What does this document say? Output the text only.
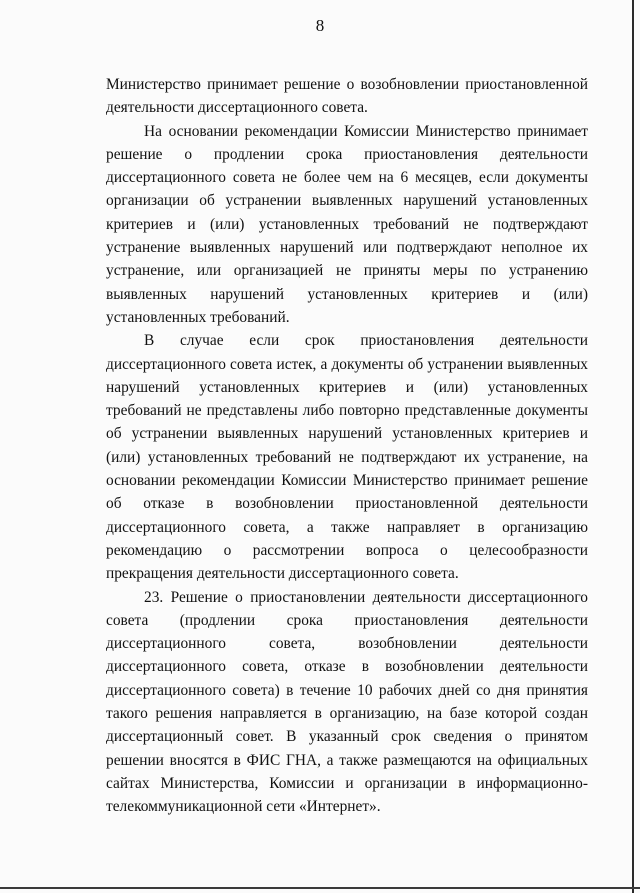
8

Министерство принимает решение о возобновлении приостановленной деятельности диссертационного совета.

На основании рекомендации Комиссии Министерство принимает решение о продлении срока приостановления деятельности диссертационного совета не более чем на 6 месяцев, если документы организации об устранении выявленных нарушений установленных критериев и (или) установленных требований не подтверждают устранение выявленных нарушений или подтверждают неполное их устранение, или организацией не приняты меры по устранению выявленных нарушений установленных критериев и (или) установленных требований.

В случае если срок приостановления деятельности диссертационного совета истек, а документы об устранении выявленных нарушений установленных критериев и (или) установленных требований не представлены либо повторно представленные документы об устранении выявленных нарушений установленных критериев и (или) установленных требований не подтверждают их устранение, на основании рекомендации Комиссии Министерство принимает решение об отказе в возобновлении приостановленной деятельности диссертационного совета, а также направляет в организацию рекомендацию о рассмотрении вопроса о целесообразности прекращения деятельности диссертационного совета.

23. Решение о приостановлении деятельности диссертационного совета (продлении срока приостановления деятельности диссертационного совета, возобновлении деятельности диссертационного совета, отказе в возобновлении деятельности диссертационного совета) в течение 10 рабочих дней со дня принятия такого решения направляется в организацию, на базе которой создан диссертационный совет. В указанный срок сведения о принятом решении вносятся в ФИС ГНА, а также размещаются на официальных сайтах Министерства, Комиссии и организации в информационно-телекоммуникационной сети «Интернет».
